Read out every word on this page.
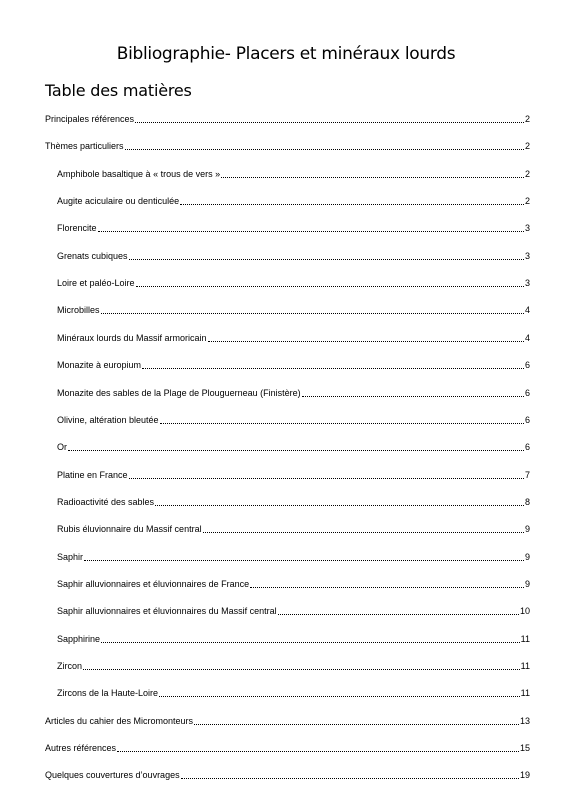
Bibliographie- Placers et minéraux lourds
Table des matières
Principales références	2
Thèmes particuliers	2
Amphibole basaltique à « trous de vers »	2
Augite aciculaire ou denticulée	2
Florencite	3
Grenats cubiques	3
Loire et paléo-Loire	3
Microbilles	4
Minéraux lourds du Massif armoricain	4
Monazite à europium	6
Monazite des sables de la Plage de Plouguerneau (Finistère)	6
Olivine, altération bleutée	6
Or	6
Platine en France	7
Radioactivité des sables	8
Rubis éluvionnaire du Massif central	9
Saphir	9
Saphir alluvionnaires et éluvionnaires de France	9
Saphir alluvionnaires et éluvionnaires du Massif central	10
Sapphirine	11
Zircon	11
Zircons de la Haute-Loire	11
Articles du cahier des Micromonteurs	13
Autres références	15
Quelques couvertures d’ouvrages	19
